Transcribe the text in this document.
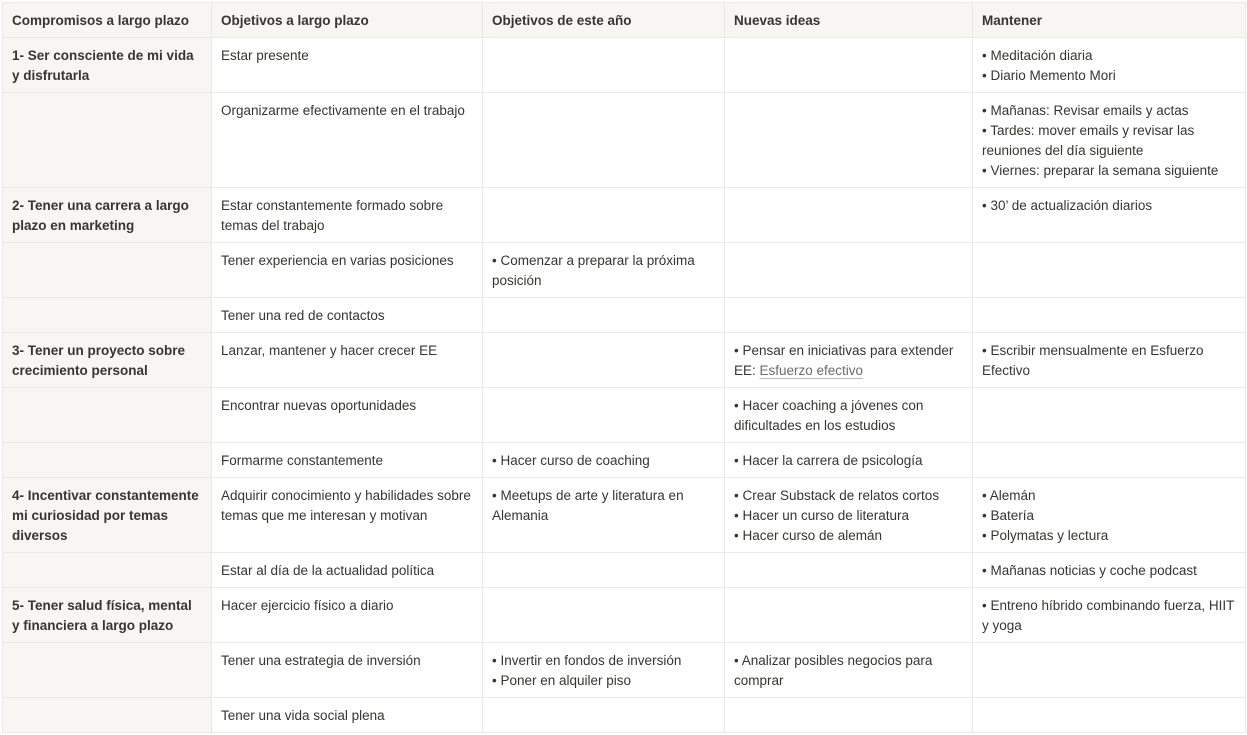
Compromisos a largo plazo	Objetivos a largo plazo	Objetivos de este año	Nuevas ideas	Mantener
1- Ser consciente de mi vida y disfrutarla	Estar presente			• Meditación diaria
• Diario Memento Mori

	Organizarme efectivamente en el trabajo			• Mañanas: Revisar emails y actas
• Tardes: mover emails y revisar las reuniones del día siguiente
• Viernes: preparar la semana siguiente

2- Tener una carrera a largo plazo en marketing	Estar constantemente formado sobre temas del trabajo			• 30’ de actualización diarios

	Tener experiencia en varias posiciones	• Comenzar a preparar la próxima posición		

	Tener una red de contactos			
3- Tener un proyecto sobre crecimiento personal	Lanzar, mantener y hacer crecer EE		• Pensar en iniciativas para extender EE: Esfuerzo efectivo	• Escribir mensualmente en Esfuerzo Efectivo

	Encontrar nuevas oportunidades		• Hacer coaching a jóvenes con dificultades en los estudios	

	Formarme constantemente	• Hacer curso de coaching	• Hacer la carrera de psicología	

4- Incentivar constantemente mi curiosidad por temas diversos	Adquirir conocimiento y habilidades sobre temas que me interesan y motivan	• Meetups de arte y literatura en Alemania	• Crear Substack de relatos cortos
• Hacer un curso de literatura
• Hacer curso de alemán	• Alemán
• Batería
• Polymatas y lectura

	Estar al día de la actualidad política			• Mañanas noticias y coche podcast

5- Tener salud física, mental y financiera a largo plazo	Hacer ejercicio físico a diario			• Entreno híbrido combinando fuerza, HIIT y yoga

	Tener una estrategia de inversión	• Invertir en fondos de inversión
• Poner en alquiler piso	• Analizar posibles negocios para comprar	

	Tener una vida social plena			
